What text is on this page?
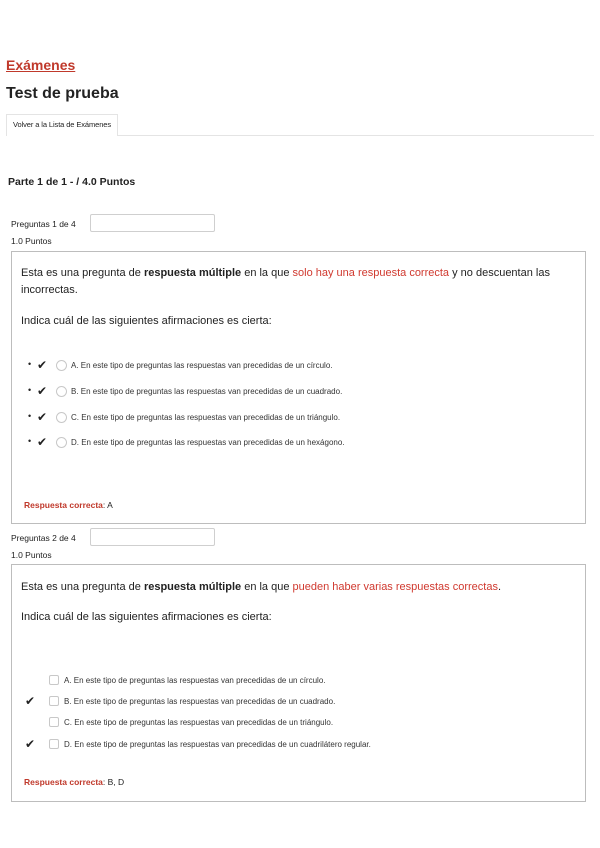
Exámenes
Test de prueba
Volver a la Lista de Exámenes
Parte 1 de 1 - / 4.0 Puntos
Preguntas 1 de 4
1.0 Puntos
Esta es una pregunta de respuesta múltiple en la que solo hay una respuesta correcta y no descuentan las incorrectas.
Indica cuál de las siguientes afirmaciones es cierta:
• ✔	A. En este tipo de preguntas las respuestas van precedidas de un círculo.
• ✔	B. En este tipo de preguntas las respuestas van precedidas de un cuadrado.
• ✔	C. En este tipo de preguntas las respuestas van precedidas de un triángulo.
• ✔	D. En este tipo de preguntas las respuestas van precedidas de un hexágono.
Respuesta correcta: A
Preguntas 2 de 4
1.0 Puntos
Esta es una pregunta de respuesta múltiple en la que pueden haber varias respuestas correctas.
Indica cuál de las siguientes afirmaciones es cierta:
A. En este tipo de preguntas las respuestas van precedidas de un círculo.
✔	B. En este tipo de preguntas las respuestas van precedidas de un cuadrado.
C. En este tipo de preguntas las respuestas van precedidas de un triángulo.
✔	D. En este tipo de preguntas las respuestas van precedidas de un cuadrilátero regular.
Respuesta correcta: B, D
